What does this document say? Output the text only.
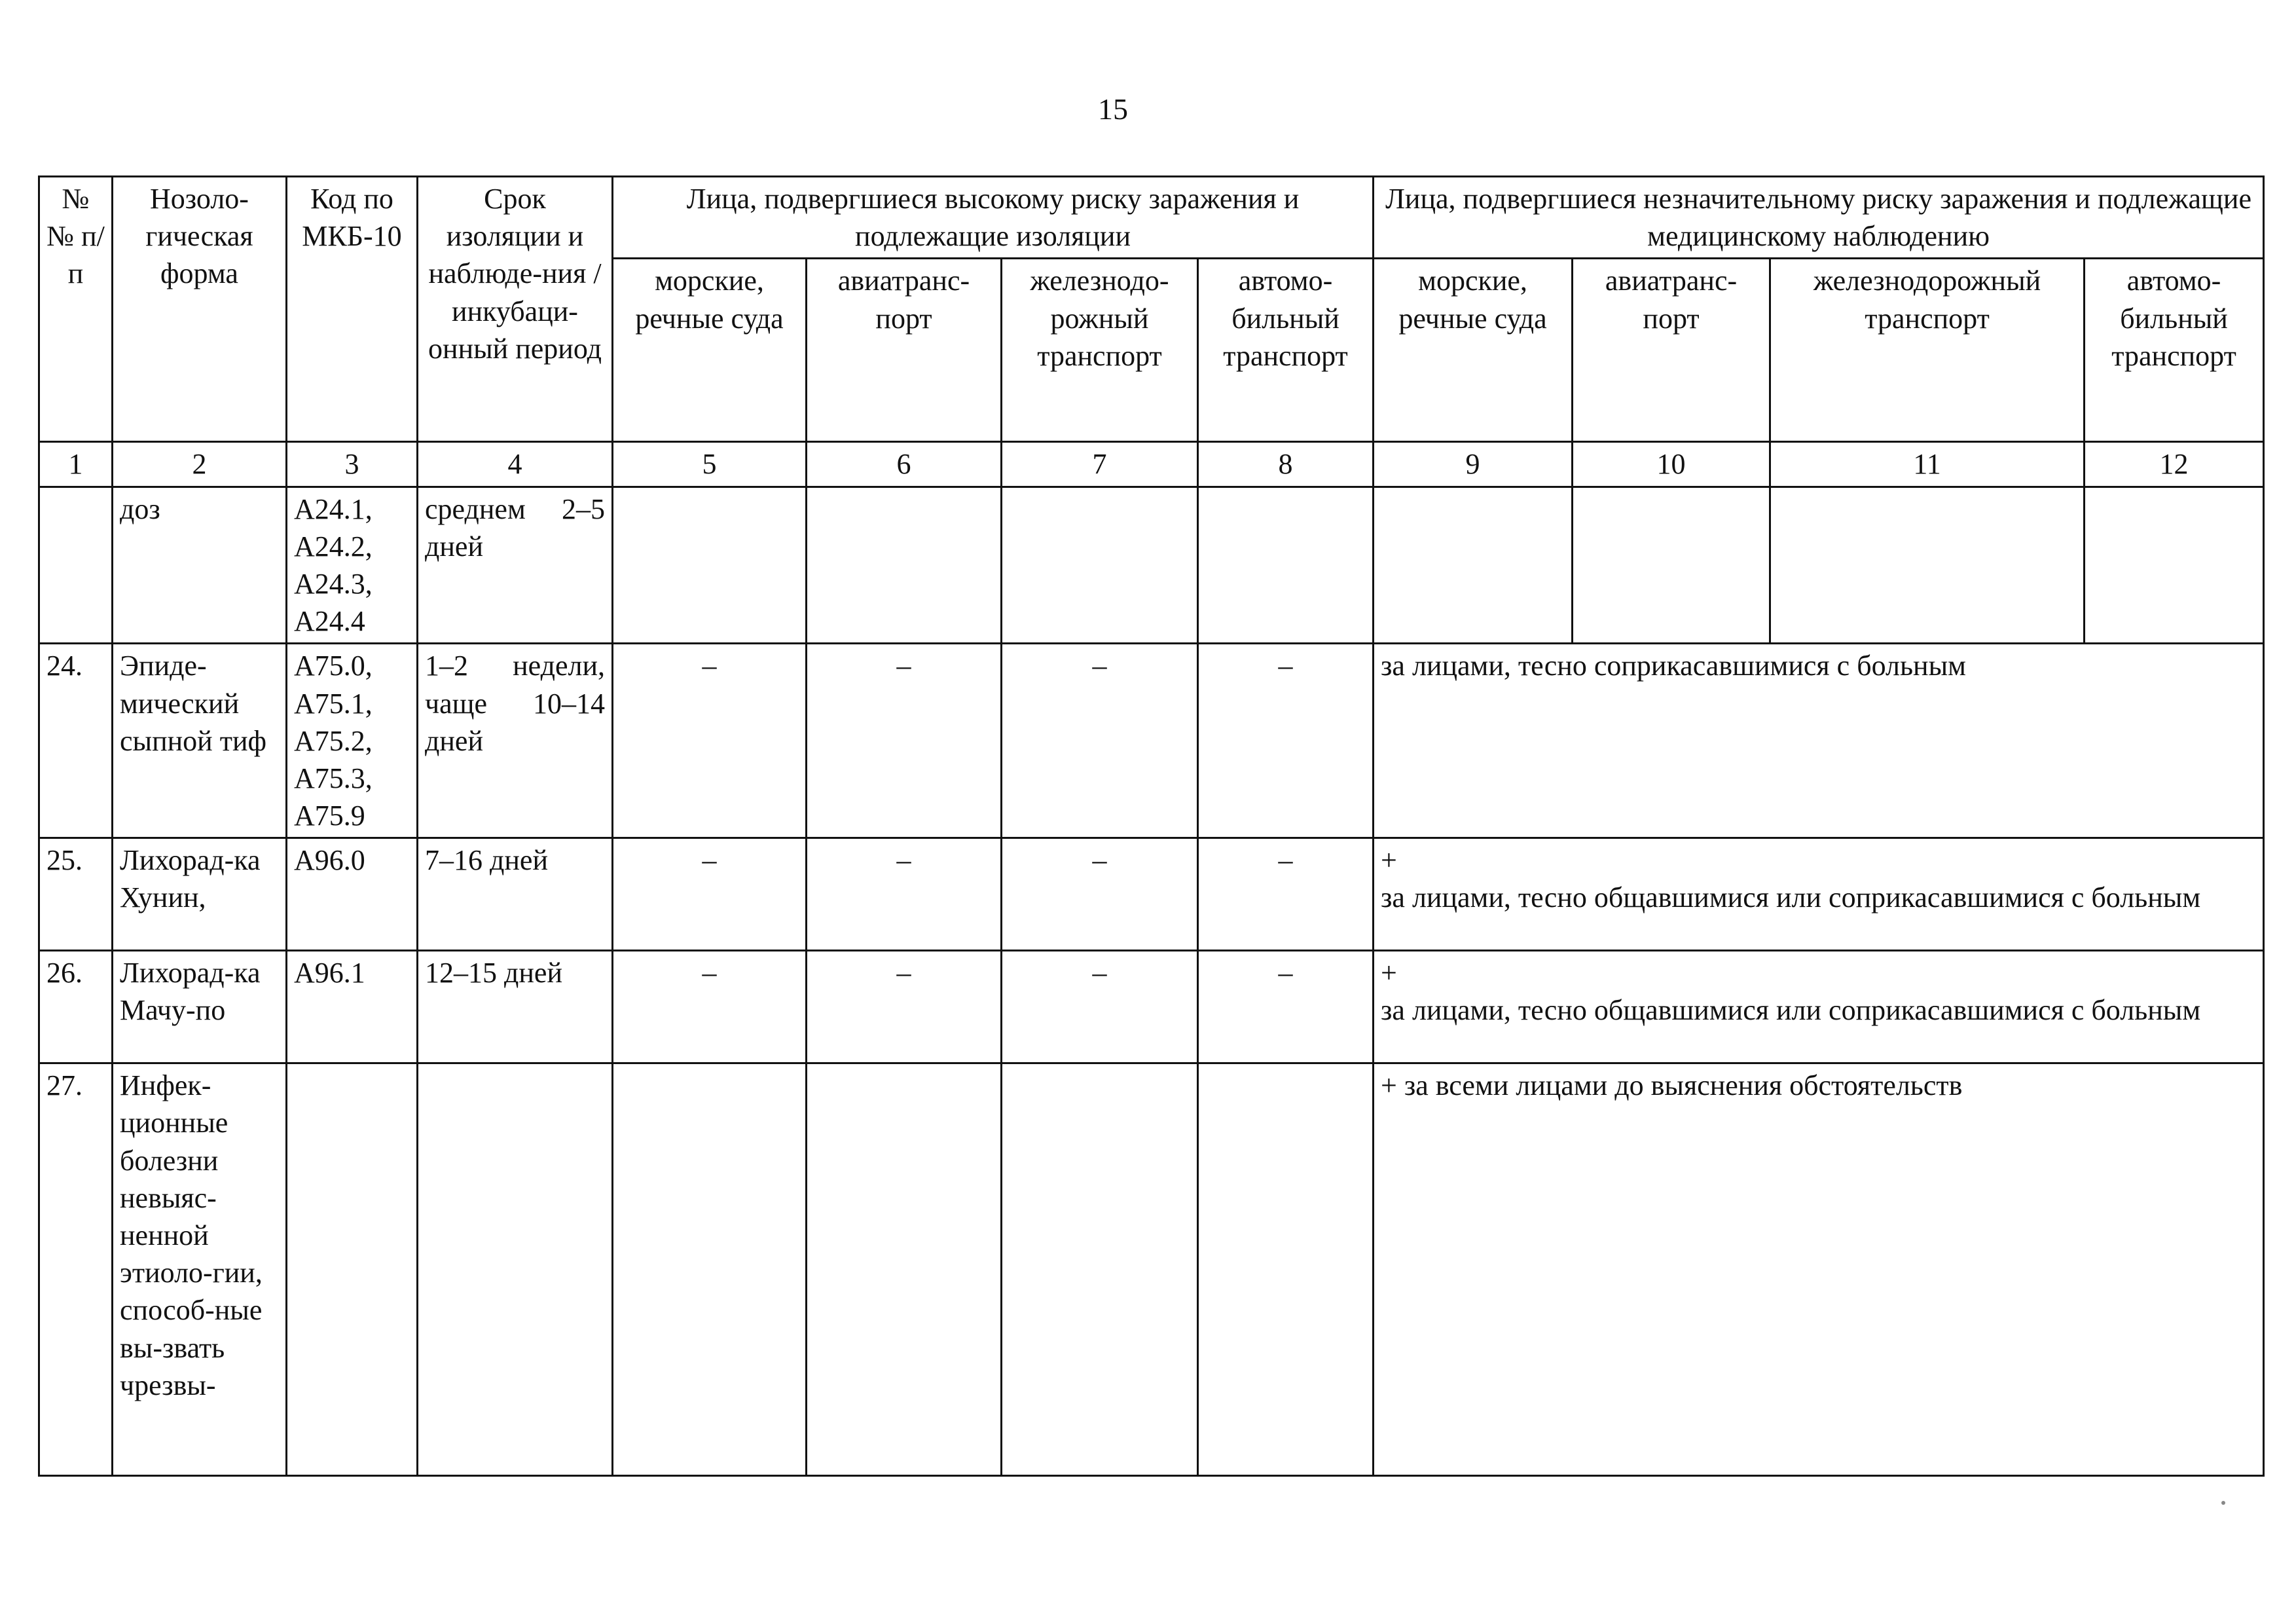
15
№ № п/п	Нозоло-гическая форма	Код по МКБ-10	Срок изоляции и наблюде-ния / инкубаци-онный период	Лица, подвергшиеся высокому риску заражения и подлежащие изоляции				Лица, подвергшиеся незначительному риску заражения и подлежащие медицинскому наблюдению			
				морские, речные суда	авиатранс-порт	железнодо-рожный транспорт	автомо-бильный транспорт	морские, речные суда	авиатранс-порт	железнодорожный транспорт	автомо-бильный транспорт
1	2	3	4	5	6	7	8	9	10	11	12
	доз	A24.1,
A24.2,
A24.3,
A24.4	среднем 2–5 дней								
24.	Эпиде-мический сыпной тиф	A75.0,
A75.1,
A75.2,
A75.3,
A75.9	1–2 недели, чаще 10–14 дней	–	–	–	–	за лицами, тесно соприкасавшимися с больным			
25.	Лихорад-ка Хунин,	A96.0	7–16 дней	–	–	–	–	+
за лицами, тесно общавшимися или соприкасавшимися с больным			

26.	Лихорад-ка Мачу-по	A96.1	12–15 дней	–	–	–	–	+
за лицами, тесно общавшимися или соприкасавшимися с больным			

27.	Инфек-ционные болезни невыяс-ненной этиоло-гии, способ-ные вы-звать чрезвы-							+ за всеми лицами до выяснения обстоятельств			
